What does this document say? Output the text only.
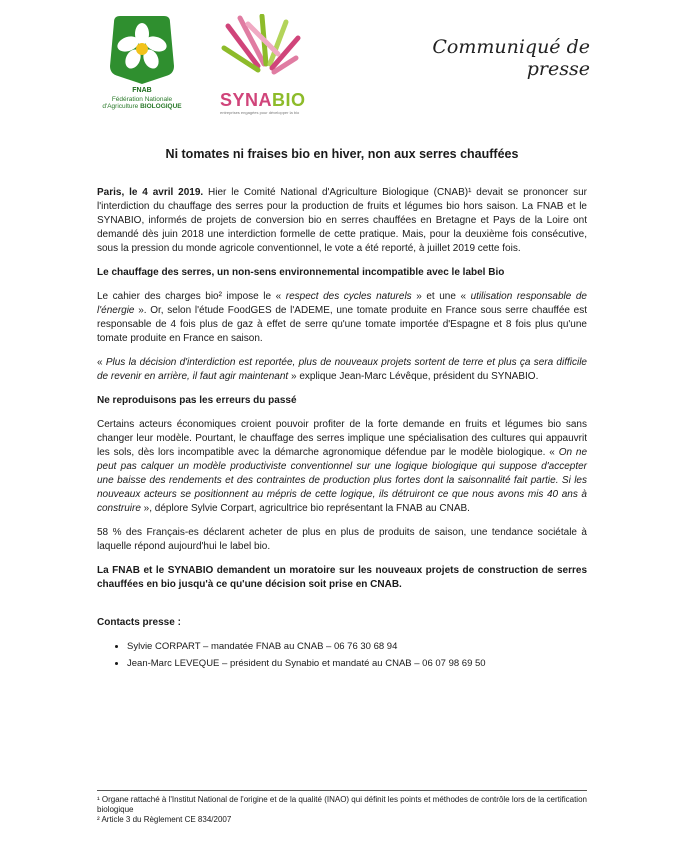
FNAB
Fédération Nationale
d'Agriculture BIOLOGIQUE SYNABIO
entreprises engagées pour développer la bio
Communiqué de presse
Ni tomates ni fraises bio en hiver, non aux serres chauffées

Paris, le 4 avril 2019. Hier le Comité National d'Agriculture Biologique (CNAB)¹ devait se prononcer sur l'interdiction du chauffage des serres pour la production de fruits et légumes bio hors saison. La FNAB et le SYNABIO, informés de projets de conversion bio en serres chauffées en Bretagne et Pays de la Loire ont demandé dès juin 2018 une interdiction formelle de cette pratique. Mais, pour la deuxième fois consécutive, sous la pression du monde agricole conventionnel, le vote a été reporté, à juillet 2019 cette fois.

Le chauffage des serres, un non-sens environnemental incompatible avec le label Bio

Le cahier des charges bio² impose le « respect des cycles naturels » et une « utilisation responsable de l'énergie ». Or, selon l'étude FoodGES de l'ADEME, une tomate produite en France sous serre chauffée est responsable de 4 fois plus de gaz à effet de serre qu'une tomate importée d'Espagne et 8 fois plus qu'une tomate produite en France en saison.

« Plus la décision d'interdiction est reportée, plus de nouveaux projets sortent de terre et plus ça sera difficile de revenir en arrière, il faut agir maintenant » explique Jean-Marc Lévêque, président du SYNABIO.

Ne reproduisons pas les erreurs du passé

Certains acteurs économiques croient pouvoir profiter de la forte demande en fruits et légumes bio sans changer leur modèle. Pourtant, le chauffage des serres implique une spécialisation des cultures qui appauvrit les sols, dès lors incompatible avec la démarche agronomique défendue par le modèle biologique. « On ne peut pas calquer un modèle productiviste conventionnel sur une logique biologique qui suppose d'accepter une baisse des rendements et des contraintes de production plus fortes dont la saisonnalité fait partie. Si les nouveaux acteurs se positionnent au mépris de cette logique, ils détruiront ce que nous avons mis 40 ans à construire », déplore Sylvie Corpart, agricultrice bio représentant la FNAB au CNAB.

58 % des Français-es déclarent acheter de plus en plus de produits de saison, une tendance sociétale à laquelle répond aujourd'hui le label bio.

La FNAB et le SYNABIO demandent un moratoire sur les nouveaux projets de construction de serres chauffées en bio jusqu'à ce qu'une décision soit prise en CNAB.

Contacts presse :
• Sylvie CORPART – mandatée FNAB au CNAB – 06 76 30 68 94
• Jean-Marc LEVEQUE – président du Synabio et mandaté au CNAB – 06 07 98 69 50
¹ Organe rattaché à l'Institut National de l'origine et de la qualité (INAO) qui définit les points et méthodes de contrôle lors de la certification biologique
² Article 3 du Règlement CE 834/2007
